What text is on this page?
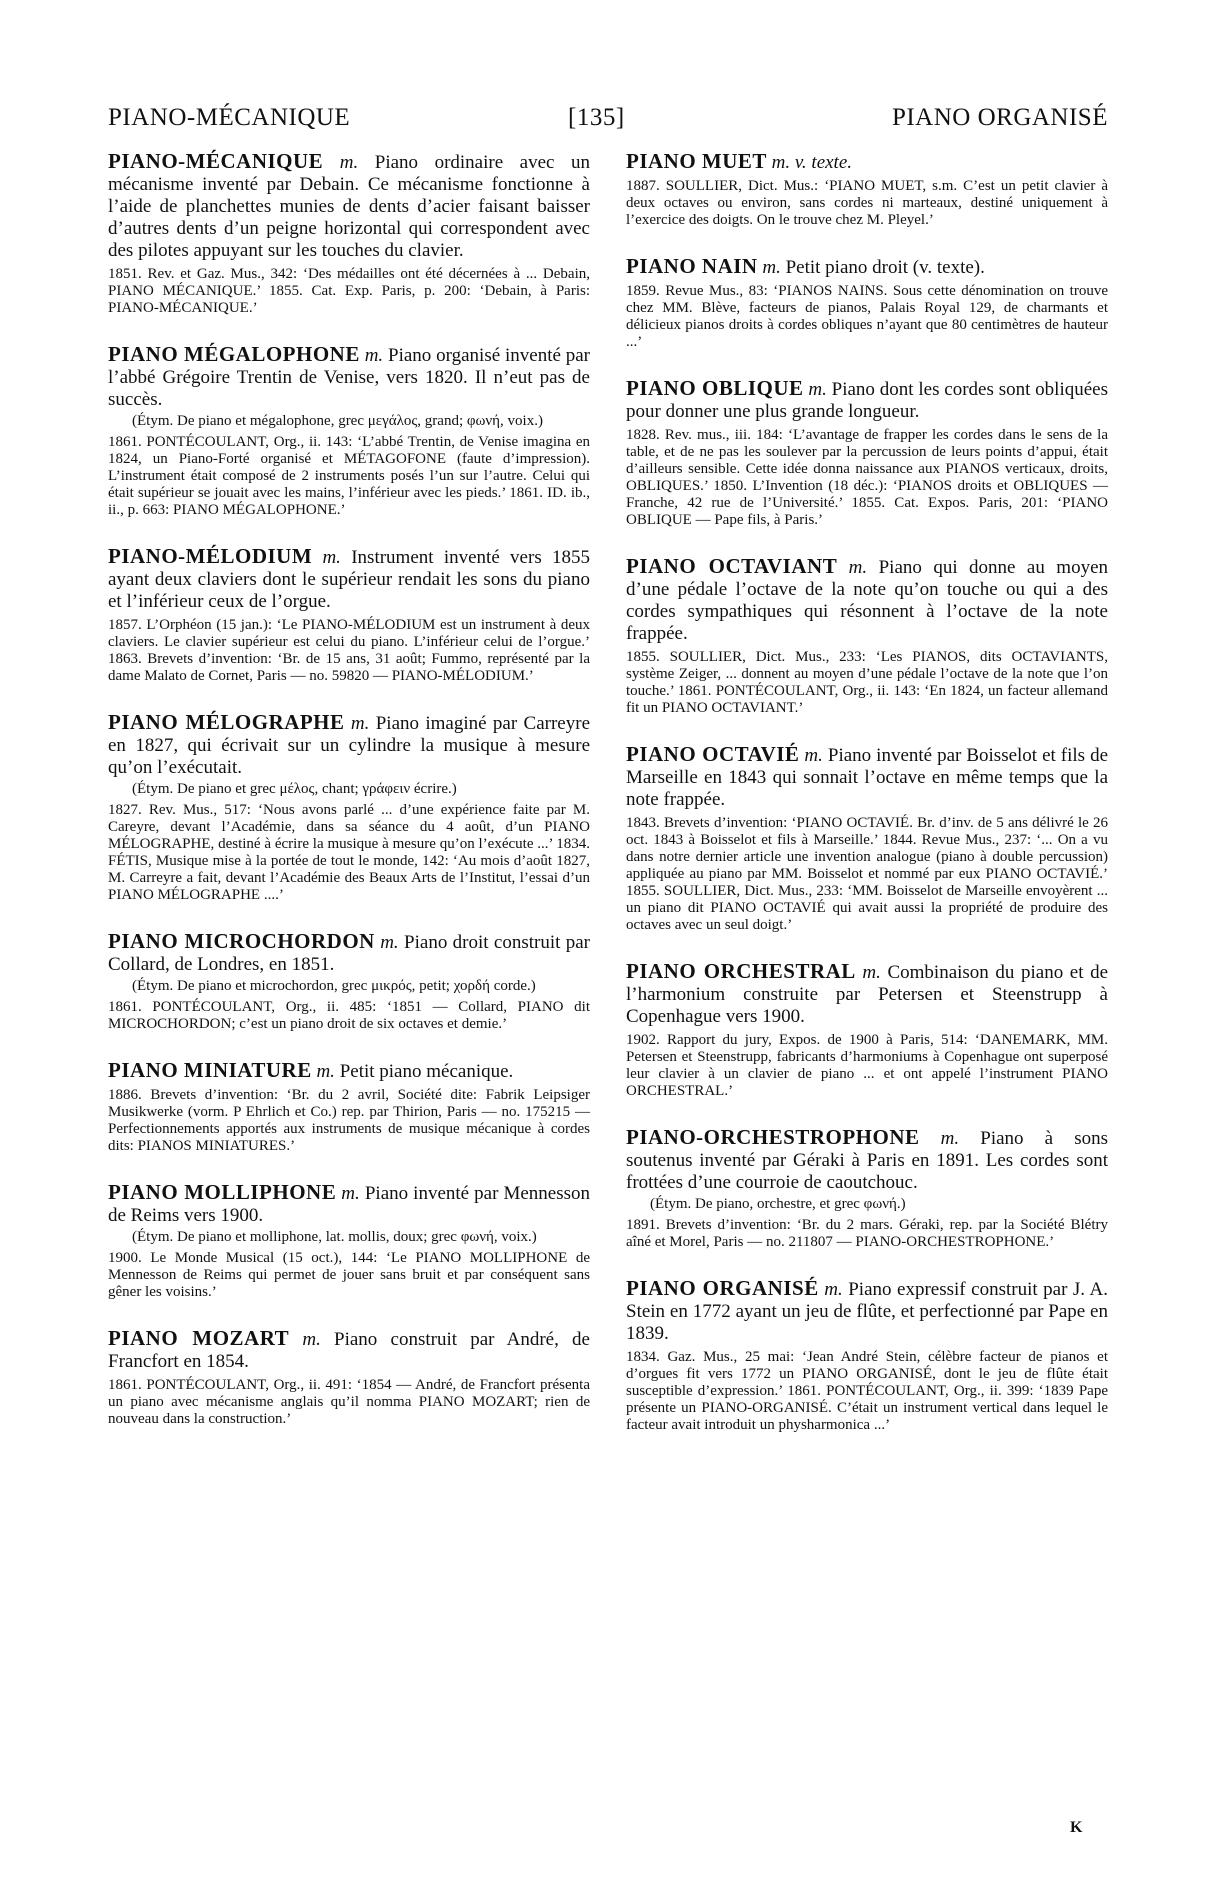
PIANO-MÉCANIQUE	[135]	PIANO ORGANISÉ
PIANO-MÉCANIQUE m. Piano ordinaire avec un mécanisme inventé par Debain. Ce mécanisme fonctionne à l’aide de planchettes munies de dents d’acier faisant baisser d’autres dents d’un peigne horizontal qui correspondent avec des pilotes appuyant sur les touches du clavier.
1851. Rev. et Gaz. Mus., 342: ‘Des médailles ont été décernées à ... Debain, PIANO MÉCANIQUE.’ 1855. Cat. Exp. Paris, p. 200: ‘Debain, à Paris: PIANO-MÉCANIQUE.’
PIANO MÉGALOPHONE m. Piano organisé inventé par l’abbé Grégoire Trentin de Venise, vers 1820. Il n’eut pas de succès.
(Étym. De piano et mégalophone, grec μεγάλος, grand; φωνή, voix.)
1861. PONTÉCOULANT, Org., ii. 143: ‘L’abbé Trentin, de Venise imagina en 1824, un Piano-Forté organisé et MÉTAGOFONE (faute d’impression). L’instrument était composé de 2 instruments posés l’un sur l’autre. Celui qui était supérieur se jouait avec les mains, l’inférieur avec les pieds.’ 1861. ID. ib., ii., p. 663: PIANO MÉGALOPHONE.’
PIANO-MÉLODIUM m. Instrument inventé vers 1855 ayant deux claviers dont le supérieur rendait les sons du piano et l’inférieur ceux de l’orgue.
1857. L’Orphéon (15 jan.): ‘Le PIANO-MÉLODIUM est un instrument à deux claviers. Le clavier supérieur est celui du piano. L’inférieur celui de l’orgue.’ 1863. Brevets d’invention: ‘Br. de 15 ans, 31 août; Fummo, représenté par la dame Malato de Cornet, Paris — no. 59820 — PIANO-MÉLODIUM.’
PIANO MÉLOGRAPHE m. Piano imaginé par Carreyre en 1827, qui écrivait sur un cylindre la musique à mesure qu’on l’exécutait.
(Étym. De piano et grec μέλος, chant; γράφειν écrire.)
1827. Rev. Mus., 517: ‘Nous avons parlé ... d’une expérience faite par M. Careyre, devant l’Académie, dans sa séance du 4 août, d’un PIANO MÉLOGRAPHE, destiné à écrire la musique à mesure qu’on l’exécute ...’ 1834. FÉTIS, Musique mise à la portée de tout le monde, 142: ‘Au mois d’août 1827, M. Carreyre a fait, devant l’Académie des Beaux Arts de l’Institut, l’essai d’un PIANO MÉLOGRAPHE ....’
PIANO MICROCHORDON m. Piano droit construit par Collard, de Londres, en 1851.
(Étym. De piano et microchordon, grec μικρός, petit; χορδή corde.)
1861. PONTÉCOULANT, Org., ii. 485: ‘1851 — Collard, PIANO dit MICROCHORDON; c’est un piano droit de six octaves et demie.’
PIANO MINIATURE m. Petit piano mécanique.
1886. Brevets d’invention: ‘Br. du 2 avril, Société dite: Fabrik Leipsiger Musikwerke (vorm. P Ehrlich et Co.) rep. par Thirion, Paris — no. 175215 — Perfectionnements apportés aux instruments de musique mécanique à cordes dits: PIANOS MINIATURES.’
PIANO MOLLIPHONE m. Piano inventé par Mennesson de Reims vers 1900.
(Étym. De piano et molliphone, lat. mollis, doux; grec φωνή, voix.)
1900. Le Monde Musical (15 oct.), 144: ‘Le PIANO MOLLIPHONE de Mennesson de Reims qui permet de jouer sans bruit et par conséquent sans gêner les voisins.’
PIANO MOZART m. Piano construit par André, de Francfort en 1854.
1861. PONTÉCOULANT, Org., ii. 491: ‘1854 — André, de Francfort présenta un piano avec mécanisme anglais qu’il nomma PIANO MOZART; rien de nouveau dans la construction.’
PIANO MUET m. v. texte.
1887. SOULLIER, Dict. Mus.: ‘PIANO MUET, s.m. C’est un petit clavier à deux octaves ou environ, sans cordes ni marteaux, destiné uniquement à l’exercice des doigts. On le trouve chez M. Pleyel.’
PIANO NAIN m. Petit piano droit (v. texte).
1859. Revue Mus., 83: ‘PIANOS NAINS. Sous cette dénomination on trouve chez MM. Blève, facteurs de pianos, Palais Royal 129, de charmants et délicieux pianos droits à cordes obliques n’ayant que 80 centimètres de hauteur ...’
PIANO OBLIQUE m. Piano dont les cordes sont obliquées pour donner une plus grande longueur.
1828. Rev. mus., iii. 184: ‘L’avantage de frapper les cordes dans le sens de la table, et de ne pas les soulever par la percussion de leurs points d’appui, était d’ailleurs sensible. Cette idée donna naissance aux PIANOS verticaux, droits, OBLIQUES.’ 1850. L’Invention (18 déc.): ‘PIANOS droits et OBLIQUES — Franche, 42 rue de l’Université.’ 1855. Cat. Expos. Paris, 201: ‘PIANO OBLIQUE — Pape fils, à Paris.’
PIANO OCTAVIANT m. Piano qui donne au moyen d’une pédale l’octave de la note qu’on touche ou qui a des cordes sympathiques qui résonnent à l’octave de la note frappée.
1855. SOULLIER, Dict. Mus., 233: ‘Les PIANOS, dits OCTAVIANTS, système Zeiger, ... donnent au moyen d’une pédale l’octave de la note que l’on touche.’ 1861. PONTÉCOULANT, Org., ii. 143: ‘En 1824, un facteur allemand fit un PIANO OCTAVIANT.’
PIANO OCTAVIÉ m. Piano inventé par Boisselot et fils de Marseille en 1843 qui sonnait l’octave en même temps que la note frappée.
1843. Brevets d’invention: ‘PIANO OCTAVIÉ. Br. d’inv. de 5 ans délivré le 26 oct. 1843 à Boisselot et fils à Marseille.’ 1844. Revue Mus., 237: ‘... On a vu dans notre dernier article une invention analogue (piano à double percussion) appliquée au piano par MM. Boisselot et nommé par eux PIANO OCTAVIÉ.’ 1855. SOULLIER, Dict. Mus., 233: ‘MM. Boisselot de Marseille envoyèrent ... un piano dit PIANO OCTAVIÉ qui avait aussi la propriété de produire des octaves avec un seul doigt.’
PIANO ORCHESTRAL m. Combinaison du piano et de l’harmonium construite par Petersen et Steenstrupp à Copenhague vers 1900.
1902. Rapport du jury, Expos. de 1900 à Paris, 514: ‘DANEMARK, MM. Petersen et Steenstrupp, fabricants d’harmoniums à Copenhague ont superposé leur clavier à un clavier de piano ... et ont appelé l’instrument PIANO ORCHESTRAL.’
PIANO-ORCHESTROPHONE m. Piano à sons soutenus inventé par Géraki à Paris en 1891. Les cordes sont frottées d’une courroie de caoutchouc.
(Étym. De piano, orchestre, et grec φωνή.)
1891. Brevets d’invention: ‘Br. du 2 mars. Géraki, rep. par la Société Blétry aîné et Morel, Paris — no. 211807 — PIANO-ORCHESTROPHONE.’
PIANO ORGANISÉ m. Piano expressif construit par J. A. Stein en 1772 ayant un jeu de flûte, et perfectionné par Pape en 1839.
1834. Gaz. Mus., 25 mai: ‘Jean André Stein, célèbre facteur de pianos et d’orgues fit vers 1772 un PIANO ORGANISÉ, dont le jeu de flûte était susceptible d’expression.’ 1861. PONTÉCOULANT, Org., ii. 399: ‘1839 Pape présente un PIANO-ORGANISÉ. C’était un instrument vertical dans lequel le facteur avait introduit un physharmonica ...’
K
